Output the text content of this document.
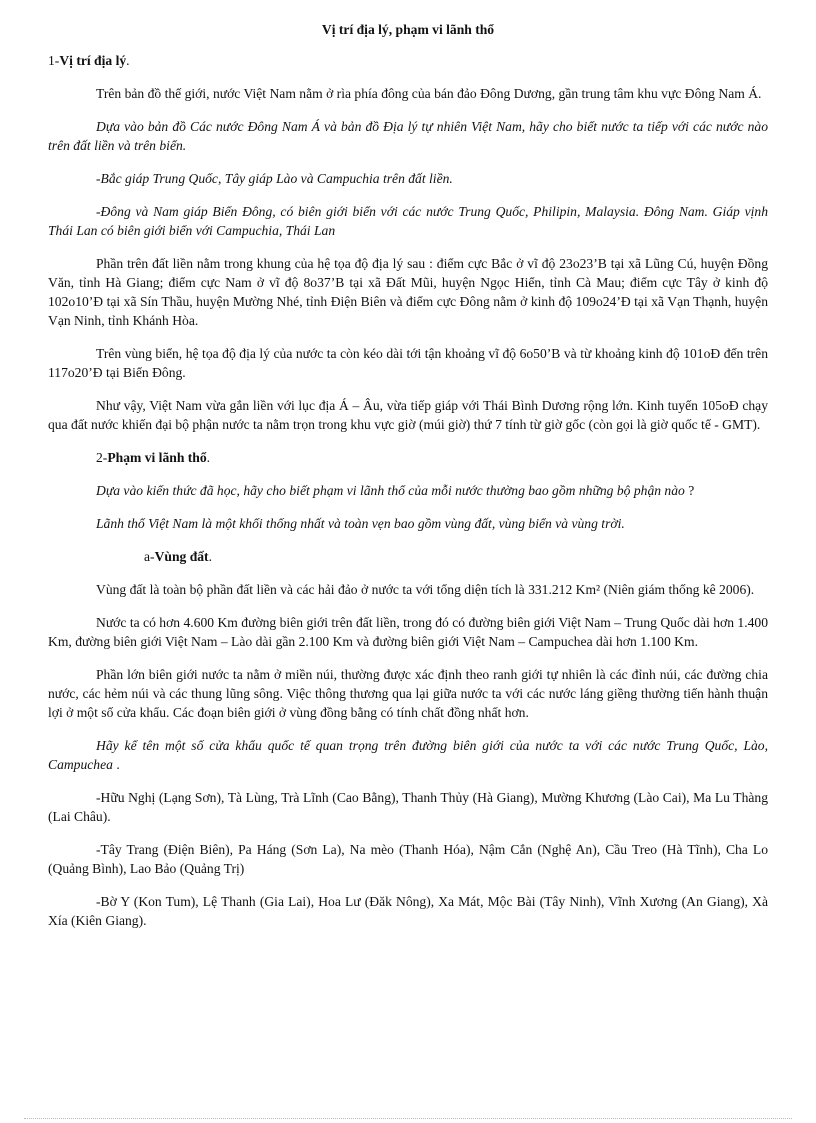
Vị trí địa lý, phạm vi lãnh thổ
1-Vị trí địa lý.

Trên bản đồ thế giới, nước Việt Nam nằm ở rìa phía đông của bán đảo Đông Dương, gần trung tâm khu vực Đông Nam Á.

Dựa vào bản đồ Các nước Đông Nam Á và bản đồ Địa lý tự nhiên Việt Nam, hãy cho biết nước ta tiếp với các nước nào trên đất liền và trên biển.

-Bắc giáp Trung Quốc, Tây giáp Lào và Campuchia trên đất liền.

-Đông và Nam giáp Biển Đông, có biên giới biển với các nước Trung Quốc, Philipin, Malaysia. Đông Nam. Giáp vịnh Thái Lan có biên giới biển với Campuchia, Thái Lan

Phần trên đất liền nằm trong khung của hệ tọa độ địa lý sau : điểm cực Bắc ở vĩ độ 23o23’B tại xã Lũng Cú, huyện Đồng Văn, tỉnh Hà Giang; điểm cực Nam ở vĩ độ 8o37’B tại xã Đất Mũi, huyện Ngọc Hiển, tỉnh Cà Mau; điểm cực Tây ở kinh độ 102o10’Đ tại xã Sín Thầu, huyện Mường Nhé, tỉnh Điện Biên và điểm cực Đông nằm ở kinh độ 109o24’Đ tại xã Vạn Thạnh, huyện Vạn Ninh, tỉnh Khánh Hòa.

Trên vùng biển, hệ tọa độ địa lý của nước ta còn kéo dài tới tận khoảng vĩ độ 6o50’B và từ khoảng kinh độ 101oĐ đến trên 117o20’Đ tại Biển Đông.

Như vậy, Việt Nam vừa gắn liền với lục địa Á – Âu, vừa tiếp giáp với Thái Bình Dương rộng lớn. Kinh tuyến 105oĐ chạy qua đất nước khiến đại bộ phận nước ta nằm trọn trong khu vực giờ (múi giờ) thứ 7 tính từ giờ gốc (còn gọi là giờ quốc tế - GMT).

2-Phạm vi lãnh thổ.

Dựa vào kiến thức đã học, hãy cho biết phạm vi lãnh thổ của mỗi nước thường bao gồm những bộ phận nào ?

Lãnh thổ Việt Nam là một khối thống nhất và toàn vẹn bao gồm vùng đất, vùng biển và vùng trời.

a-Vùng đất.

Vùng đất là toàn bộ phần đất liền và các hải đảo ở nước ta với tổng diện tích là 331.212 Km² (Niên giám thống kê 2006).

Nước ta có hơn 4.600 Km đường biên giới trên đất liền, trong đó có đường biên giới Việt Nam – Trung Quốc dài hơn 1.400 Km, đường biên giới Việt Nam – Lào dài gần 2.100 Km và đường biên giới Việt Nam – Campuchea dài hơn 1.100 Km.

Phần lớn biên giới nước ta nằm ở miền núi, thường được xác định theo ranh giới tự nhiên là các đỉnh núi, các đường chia nước, các hẻm núi và các thung lũng sông. Việc thông thương qua lại giữa nước ta với các nước láng giềng thường tiến hành thuận lợi ở một số cửa khẩu. Các đoạn biên giới ở vùng đồng bằng có tính chất đồng nhất hơn.

Hãy kể tên một số cửa khẩu quốc tế quan trọng trên đường biên giới của nước ta với các nước Trung Quốc, Lào, Campuchea .

-Hữu Nghị (Lạng Sơn), Tà Lùng, Trà Lĩnh (Cao Bằng), Thanh Thủy (Hà Giang), Mường Khương (Lào Cai), Ma Lu Thàng (Lai Châu).

-Tây Trang (Điện Biên), Pa Háng (Sơn La), Na mèo (Thanh Hóa), Nậm Cắn (Nghệ An), Cầu Treo (Hà Tĩnh), Cha Lo (Quảng Bình), Lao Bảo (Quảng Trị)

-Bờ Y (Kon Tum), Lệ Thanh (Gia Lai), Hoa Lư (Đăk Nông), Xa Mát, Mộc Bài (Tây Ninh), Vĩnh Xương (An Giang), Xà Xía (Kiên Giang).
